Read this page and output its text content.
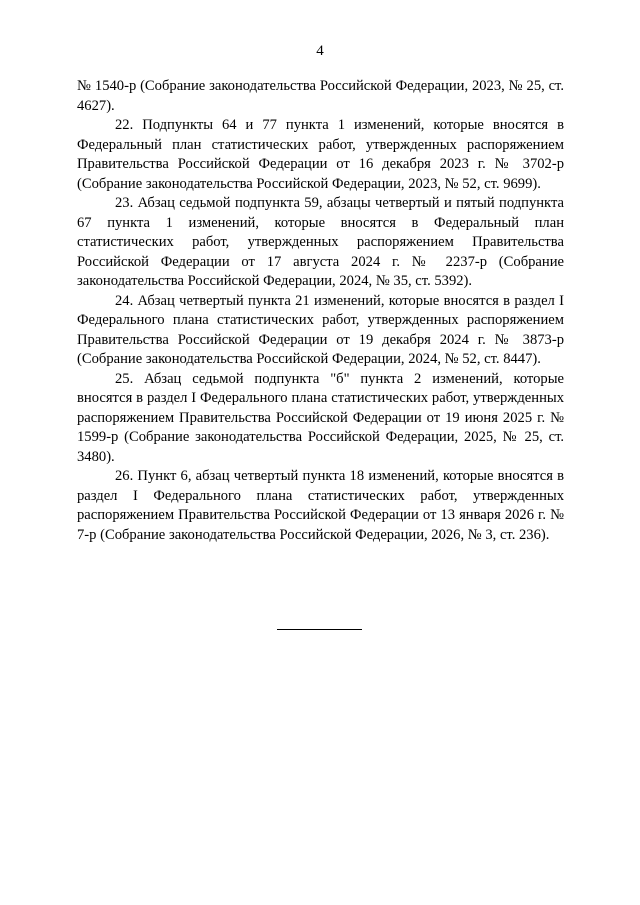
4

№ 1540-р (Собрание законодательства Российской Федерации, 2023, № 25, ст. 4627).

22. Подпункты 64 и 77 пункта 1 изменений, которые вносятся в Федеральный план статистических работ, утвержденных распоряжением Правительства Российской Федерации от 16 декабря 2023 г. № 3702-р (Собрание законодательства Российской Федерации, 2023, № 52, ст. 9699).

23. Абзац седьмой подпункта 59, абзацы четвертый и пятый подпункта 67 пункта 1 изменений, которые вносятся в Федеральный план статистических работ, утвержденных распоряжением Правительства Российской Федерации от 17 августа 2024 г. № 2237-р (Собрание законодательства Российской Федерации, 2024, № 35, ст. 5392).

24. Абзац четвертый пункта 21 изменений, которые вносятся в раздел I Федерального плана статистических работ, утвержденных распоряжением Правительства Российской Федерации от 19 декабря 2024 г. № 3873-р (Собрание законодательства Российской Федерации, 2024, № 52, ст. 8447).

25. Абзац седьмой подпункта "б" пункта 2 изменений, которые вносятся в раздел I Федерального плана статистических работ, утвержденных распоряжением Правительства Российской Федерации от 19 июня 2025 г. № 1599-р (Собрание законодательства Российской Федерации, 2025, № 25, ст. 3480).

26. Пункт 6, абзац четвертый пункта 18 изменений, которые вносятся в раздел I Федерального плана статистических работ, утвержденных распоряжением Правительства Российской Федерации от 13 января 2026 г. № 7-р (Собрание законодательства Российской Федерации, 2026, № 3, ст. 236).
